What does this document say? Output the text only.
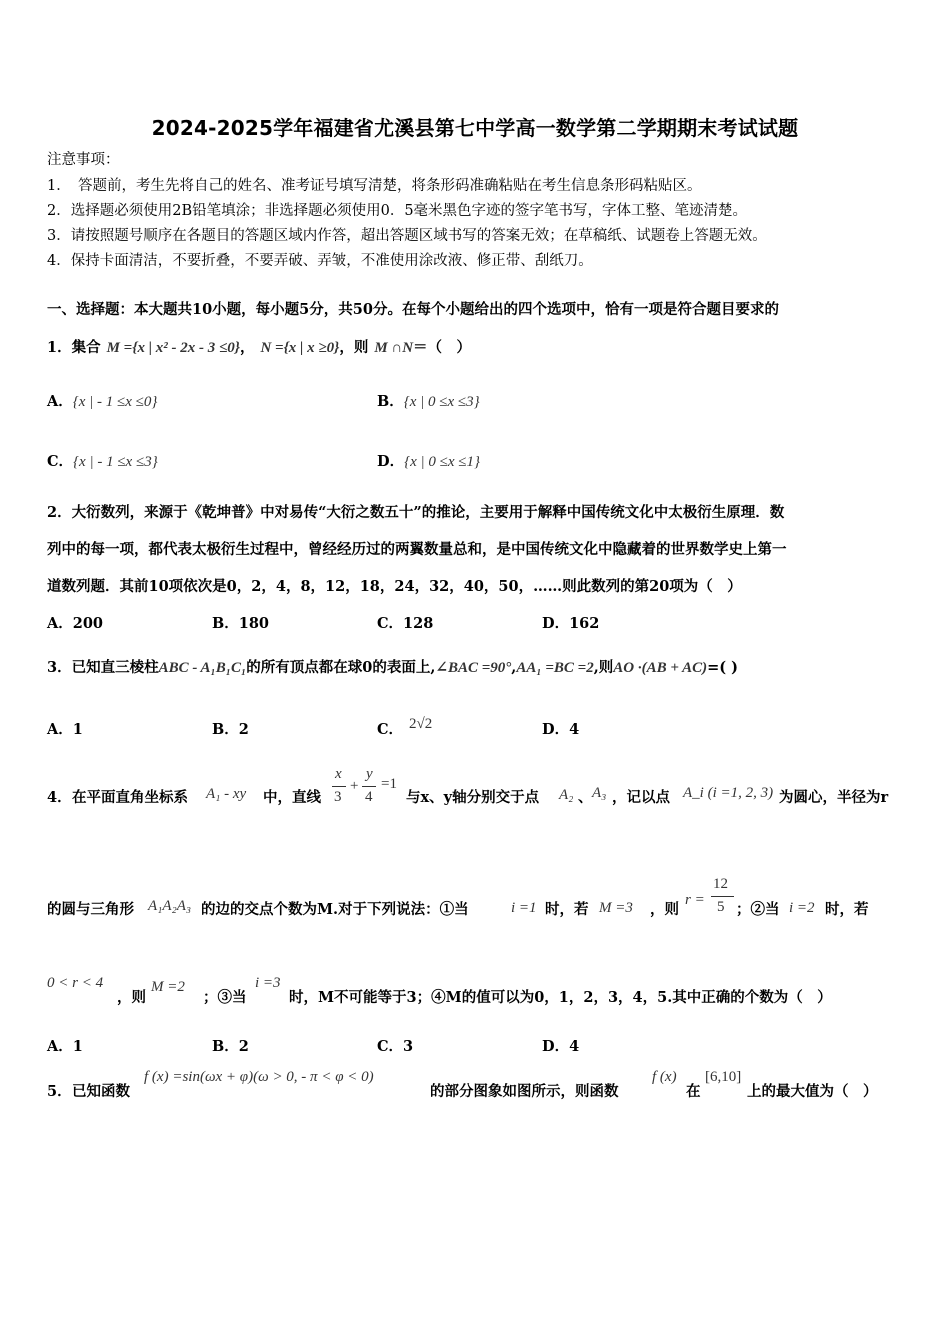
2024-2025学年福建省尤溪县第七中学高一数学第二学期期末考试试题
注意事项：
1．　答题前，考生先将自己的姓名、准考证号填写清楚，将条形码准确粘贴在考生信息条形码粘贴区。
2．选择题必须使用2B铅笔填涂；非选择题必须使用0．5毫米黑色字迹的签字笔书写，字体工整、笔迹清楚。
3．请按照题号顺序在各题目的答题区域内作答，超出答题区域书写的答案无效；在草稿纸、试题卷上答题无效。
4．保持卡面清洁，不要折叠，不要弄破、弄皱，不准使用涂改液、修正带、刮纸刀。
一、选择题：本大题共10小题，每小题5分，共50分。在每个小题给出的四个选项中，恰有一项是符合题目要求的
1．集合 M ={x | x² - 2x - 3 ≤0}， N ={x | x ≥0}，则 M ∩N＝（　）
A．{x | - 1 ≤x ≤0}	B．{x | 0 ≤x ≤3}
C．{x | - 1 ≤x ≤3}	D．{x | 0 ≤x ≤1}
2．大衍数列，来源于《乾坤普》中对易传“大衍之数五十”的推论，主要用于解释中国传统文化中太极衍生原理．数
列中的每一项，都代表太极衍生过程中，曾经经历过的两翼数量总和，是中国传统文化中隐藏着的世界数学史上第一
道数列题．其前10项依次是0，2，4，8，12，18，24，32，40，50，……则此数列的第20项为（　）
A．200	B．180	C．128	D．162
3．已知直三棱柱ABC - A₁B₁C₁的所有顶点都在球0的表面上,∠BAC =90°,AA₁ =BC =2,则AO ·(AB + AC)=( )
A．1	B．2	C． 2√2	D．4
4． 在平面直角坐标系 A₁ - xy 中，直线
x
3
+
y
4
=1
与x、y轴分别交于点 A₂ 、 A₃ ，记以点 A_i (i =1, 2, 3) 为圆心，半径为r
的圆与三角形 A₁A₂A₃ 的边的交点个数为M.对于下列说法：①当	i =1 时，若 M =3 ，则
r =
12
5 ；②当 i =2 时，若
0 < r < 4
，则
M =2
；③当
i =3
时，M不可能等于3；④M的值可以为0，1，2，3，4，5.其中正确的个数为（　）
A．1	B．2	C．3	D．4
5． 已知函数
f (x) =sin(ωx + φ)(ω > 0, - π < φ < 0)
的部分图象如图所示，则函数
f (x)
在
[6,10]
上的最大值为（　）
